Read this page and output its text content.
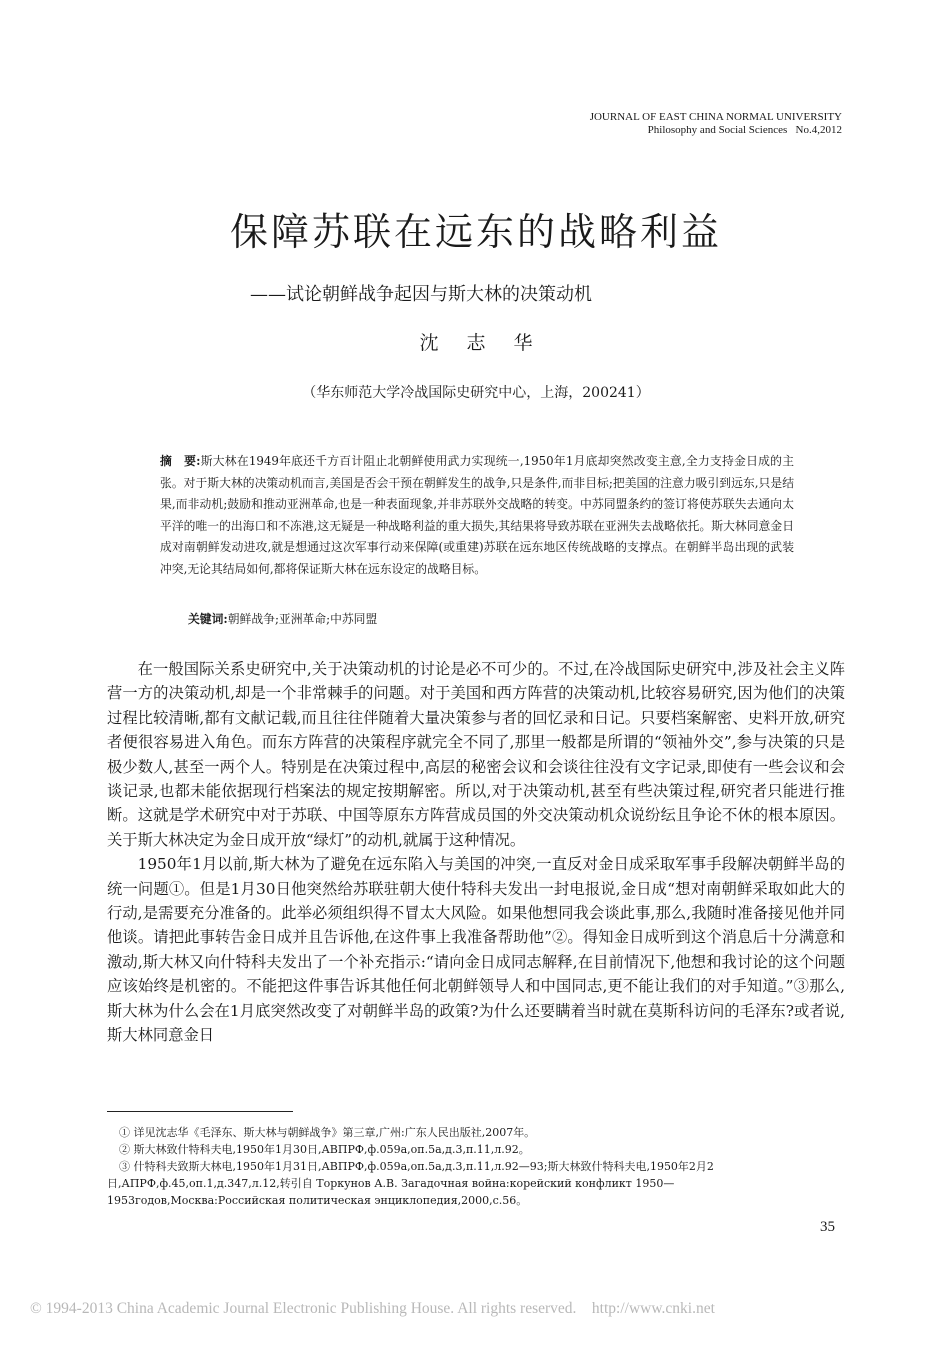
JOURNAL OF EAST CHINA NORMAL UNIVERSITY
Philosophy and Social Sciences   No.4,2012
保障苏联在远东的战略利益
——试论朝鲜战争起因与斯大林的决策动机
沈志华
（华东师范大学冷战国际史研究中心，上海，200241）
摘　要:斯大林在1949年底还千方百计阻止北朝鲜使用武力实现统一,1950年1月底却突然改变主意,全力支持金日成的主张。对于斯大林的决策动机而言,美国是否会干预在朝鲜发生的战争,只是条件,而非目标;把美国的注意力吸引到远东,只是结果,而非动机;鼓励和推动亚洲革命,也是一种表面现象,并非苏联外交战略的转变。中苏同盟条约的签订将使苏联失去通向太平洋的唯一的出海口和不冻港,这无疑是一种战略利益的重大损失,其结果将导致苏联在亚洲失去战略依托。斯大林同意金日成对南朝鲜发动进攻,就是想通过这次军事行动来保障(或重建)苏联在远东地区传统战略的支撑点。在朝鲜半岛出现的武装冲突,无论其结局如何,都将保证斯大林在远东设定的战略目标。
关键词:朝鲜战争;亚洲革命;中苏同盟

在一般国际关系史研究中,关于决策动机的讨论是必不可少的。不过,在冷战国际史研究中,涉及社会主义阵营一方的决策动机,却是一个非常棘手的问题。对于美国和西方阵营的决策动机,比较容易研究,因为他们的决策过程比较清晰,都有文献记载,而且往往伴随着大量决策参与者的回忆录和日记。只要档案解密、史料开放,研究者便很容易进入角色。而东方阵营的决策程序就完全不同了,那里一般都是所谓的“领袖外交”,参与决策的只是极少数人,甚至一两个人。特别是在决策过程中,高层的秘密会议和会谈往往没有文字记录,即使有一些会议和会谈记录,也都未能依据现行档案法的规定按期解密。所以,对于决策动机,甚至有些决策过程,研究者只能进行推断。这就是学术研究中对于苏联、中国等原东方阵营成员国的外交决策动机众说纷纭且争论不休的根本原因。关于斯大林决定为金日成开放“绿灯”的动机,就属于这种情况。

1950年1月以前,斯大林为了避免在远东陷入与美国的冲突,一直反对金日成采取军事手段解决朝鲜半岛的统一问题①。但是1月30日他突然给苏联驻朝大使什特科夫发出一封电报说,金日成“想对南朝鲜采取如此大的行动,是需要充分准备的。此举必须组织得不冒太大风险。如果他想同我会谈此事,那么,我随时准备接见他并同他谈。请把此事转告金日成并且告诉他,在这件事上我准备帮助他”②。得知金日成听到这个消息后十分满意和激动,斯大林又向什特科夫发出了一个补充指示:“请向金日成同志解释,在目前情况下,他想和我讨论的这个问题应该始终是机密的。不能把这件事告诉其他任何北朝鲜领导人和中国同志,更不能让我们的对手知道。”③那么,斯大林为什么会在1月底突然改变了对朝鲜半岛的政策?为什么还要瞒着当时就在莫斯科访问的毛泽东?或者说,斯大林同意金日

① 详见沈志华《毛泽东、斯大林与朝鲜战争》第三章,广州:广东人民出版社,2007年。
② 斯大林致什特科夫电,1950年1月30日,АВПРФ,ф.059а,оп.5а,д.3,п.11,л.92。
③ 什特科夫致斯大林电,1950年1月31日,АВПРФ,ф.059а,оп.5а,д.3,п.11,л.92—93;斯大林致什特科夫电,1950年2月2日,АПРФ,ф.45,оп.1,д.347,л.12,转引自 Торкунов А.В. Загадочная война:корейский конфликт 1950—1953годов,Москва:Российская политическая энциклопедия,2000,с.56。
35
© 1994-2013 China Academic Journal Electronic Publishing House. All rights reserved.    http://www.cnki.net
